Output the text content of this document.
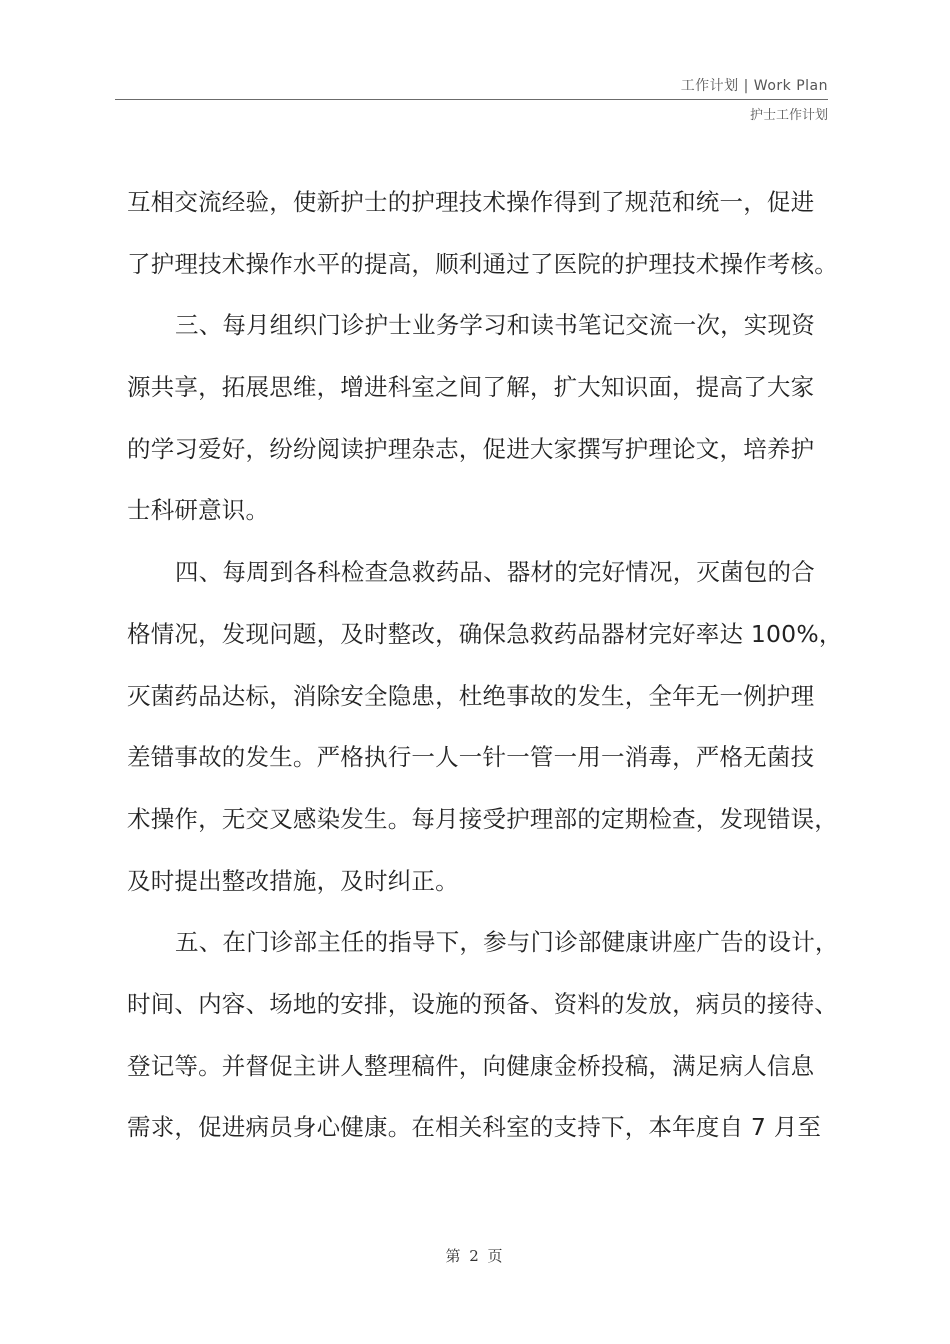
工作计划 | Work Plan
护士工作计划
互相交流经验，使新护士的护理技术操作得到了规范和统一，促进
了护理技术操作水平的提高，顺利通过了医院的护理技术操作考核。
三、每月组织门诊护士业务学习和读书笔记交流一次，实现资
源共享，拓展思维，增进科室之间了解，扩大知识面，提高了大家
的学习爱好，纷纷阅读护理杂志，促进大家撰写护理论文，培养护
士科研意识。
四、每周到各科检查急救药品、器材的完好情况，灭菌包的合
格情况，发现问题，及时整改，确保急救药品器材完好率达 100%，
灭菌药品达标，消除安全隐患，杜绝事故的发生，全年无一例护理
差错事故的发生。严格执行一人一针一管一用一消毒，严格无菌技
术操作，无交叉感染发生。每月接受护理部的定期检查，发现错误，
及时提出整改措施，及时纠正。
五、在门诊部主任的指导下，参与门诊部健康讲座广告的设计，
时间、内容、场地的安排，设施的预备、资料的发放，病员的接待、
登记等。并督促主讲人整理稿件，向健康金桥投稿，满足病人信息
需求，促进病员身心健康。在相关科室的支持下，本年度自 7 月至
第 2 页
